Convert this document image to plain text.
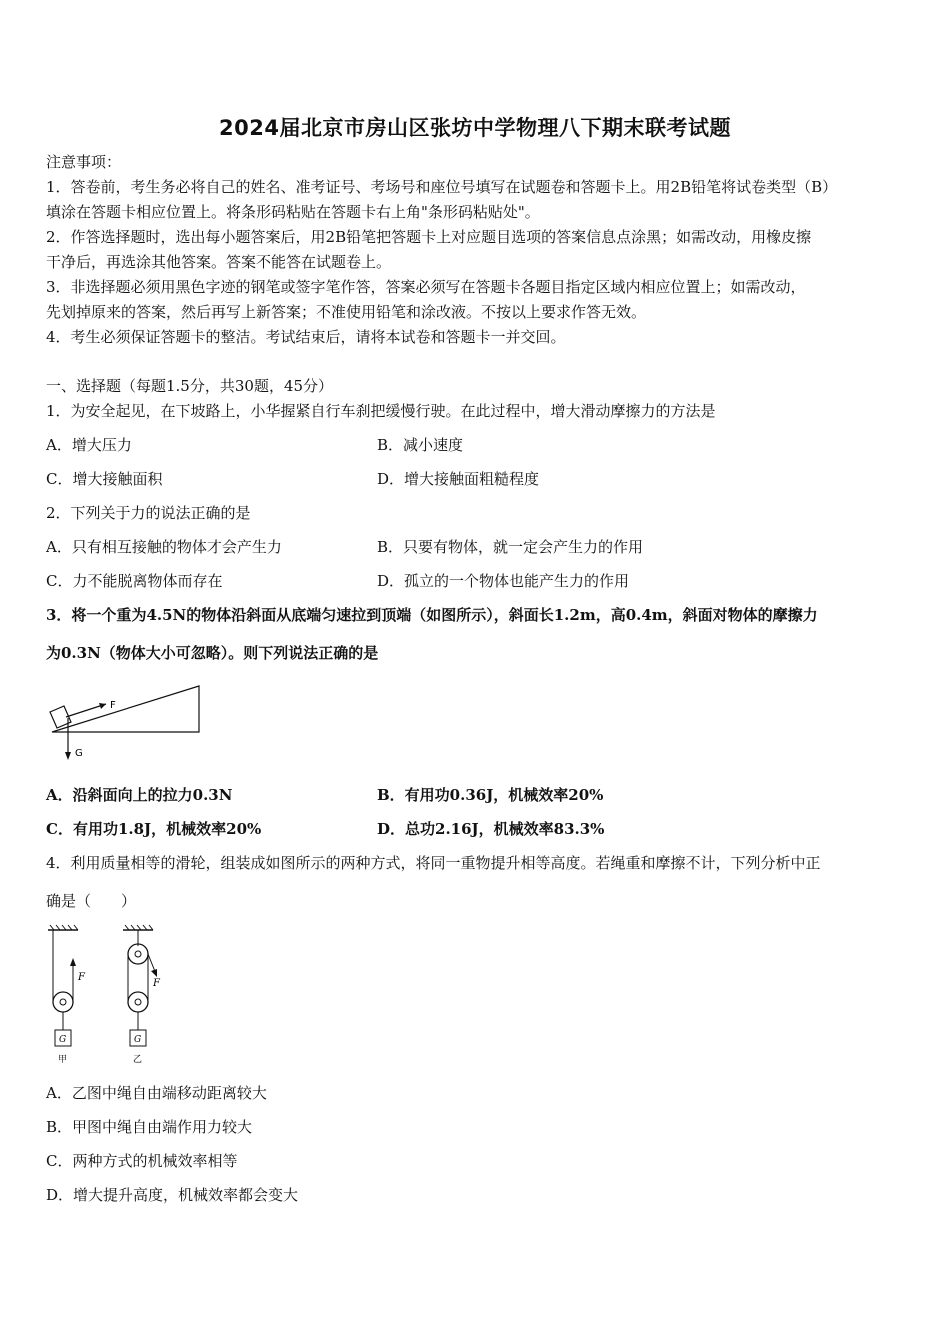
2024届北京市房山区张坊中学物理八下期末联考试题
注意事项：
1．答卷前，考生务必将自己的姓名、准考证号、考场号和座位号填写在试题卷和答题卡上。用2B铅笔将试卷类型（B）
填涂在答题卡相应位置上。将条形码粘贴在答题卡右上角"条形码粘贴处"。
2．作答选择题时，选出每小题答案后，用2B铅笔把答题卡上对应题目选项的答案信息点涂黑；如需改动，用橡皮擦
干净后，再选涂其他答案。答案不能答在试题卷上。
3．非选择题必须用黑色字迹的钢笔或签字笔作答，答案必须写在答题卡各题目指定区域内相应位置上；如需改动，
先划掉原来的答案，然后再写上新答案；不准使用铅笔和涂改液。不按以上要求作答无效。
4．考生必须保证答题卡的整洁。考试结束后，请将本试卷和答题卡一并交回。
一、选择题（每题1.5分，共30题，45分）
1．为安全起见，在下坡路上，小华握紧自行车刹把缓慢行驶。在此过程中，增大滑动摩擦力的方法是
A．增大压力	B．减小速度
C．增大接触面积	D．增大接触面粗糙程度
2．下列关于力的说法正确的是
A．只有相互接触的物体才会产生力	B．只要有物体，就一定会产生力的作用
C．力不能脱离物体而存在	D．孤立的一个物体也能产生力的作用
3．将一个重为4.5N的物体沿斜面从底端匀速拉到顶端（如图所示），斜面长1.2m，高0.4m，斜面对物体的摩擦力
为0.3N（物体大小可忽略）。则下列说法正确的是
F
G
A．沿斜面向上的拉力0.3N	B．有用功0.36J，机械效率20%
C．有用功1.8J，机械效率20%	D．总功2.16J，机械效率83.3%
4．利用质量相等的滑轮，组装成如图所示的两种方式，将同一重物提升相等高度。若绳重和摩擦不计，下列分析中正
确是（　　）
F
G
甲
F
G
乙
A．乙图中绳自由端移动距离较大
B．甲图中绳自由端作用力较大
C．两种方式的机械效率相等
D．增大提升高度，机械效率都会变大
